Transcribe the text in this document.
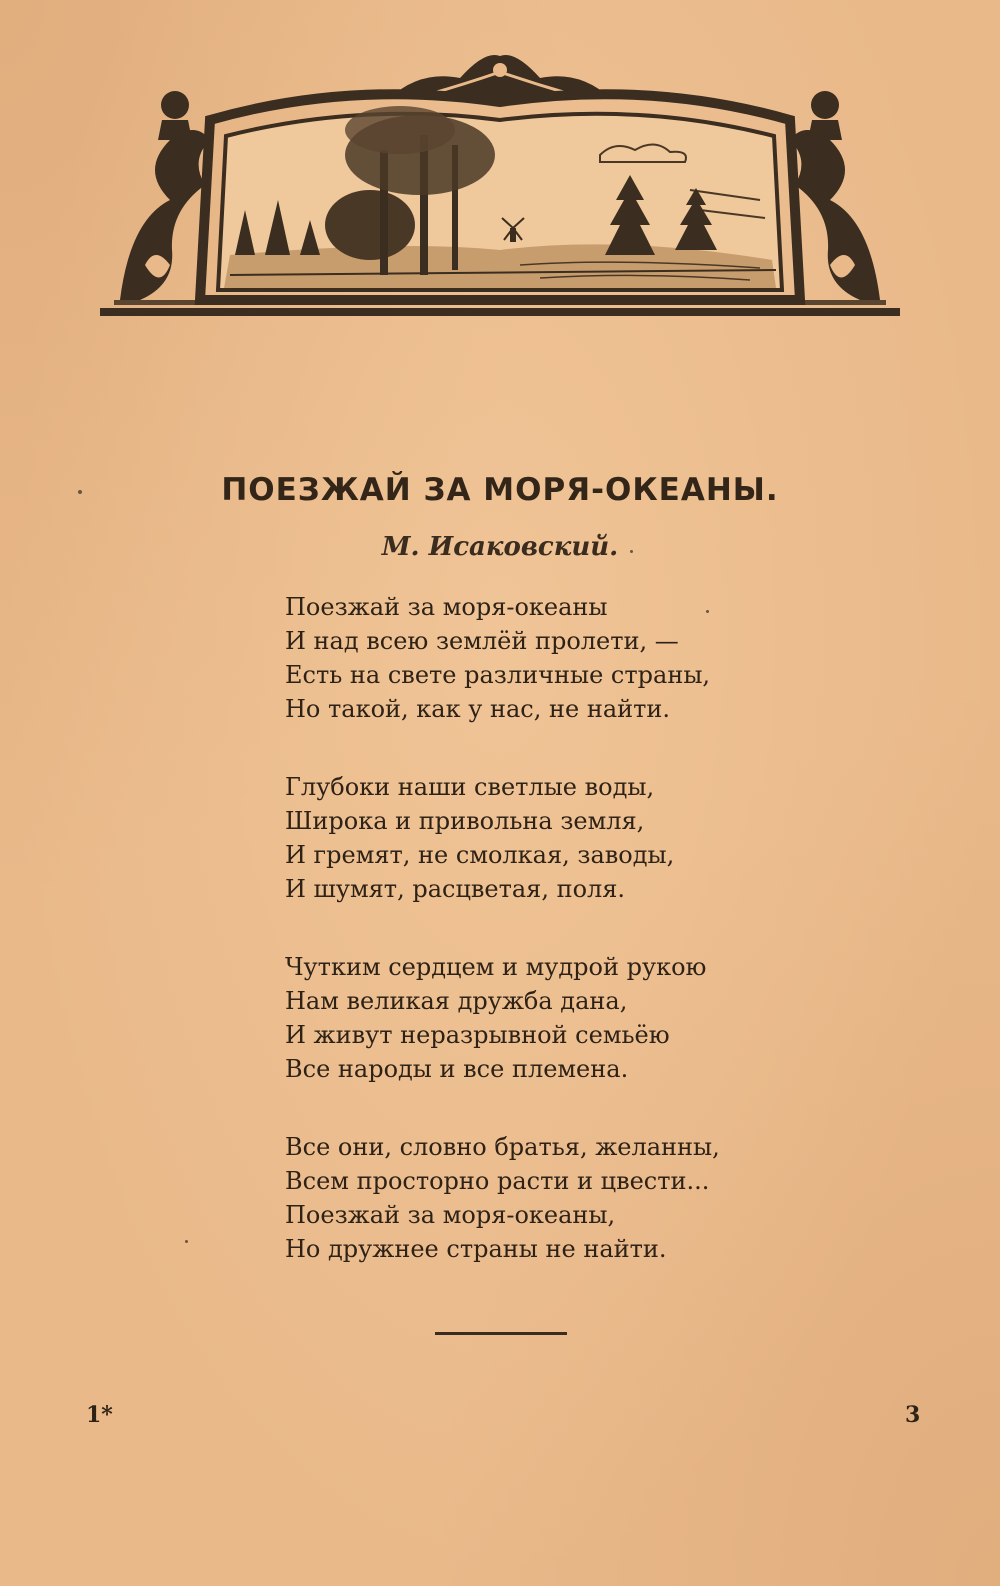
ПОЕЗЖАЙ ЗА МОРЯ-ОКЕАНЫ.
М. Исаковский.
Поезжай за моря-океаны
И над всею землёй пролети, —
Есть на свете различные страны,
Но такой, как у нас, не найти.
Глубоки наши светлые воды,
Широка и привольна земля,
И гремят, не смолкая, заводы,
И шумят, расцветая, поля.
Чутким сердцем и мудрой рукою
Нам великая дружба дана,
И живут неразрывной семьёю
Все народы и все племена.
Все они, словно братья, желанны,
Всем просторно расти и цвести...
Поезжай за моря-океаны,
Но дружнее страны не найти.
1*	3
